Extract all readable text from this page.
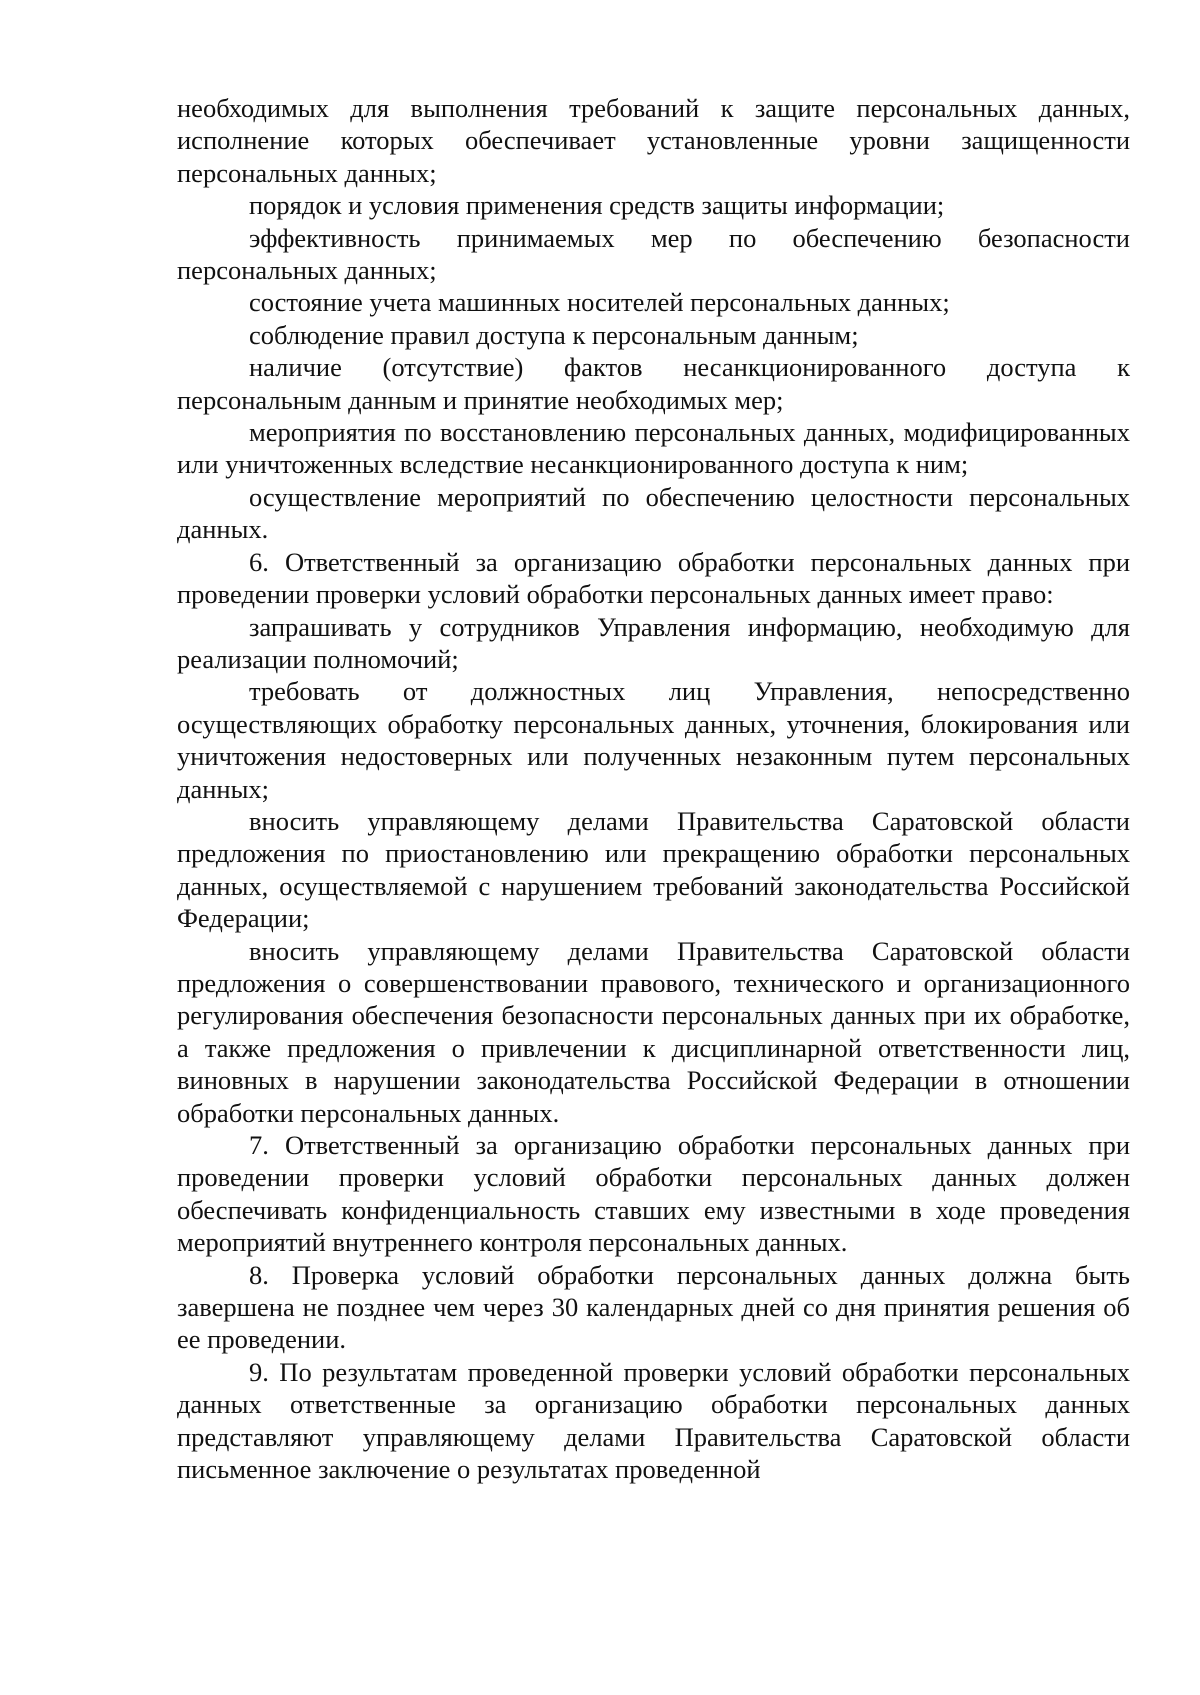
необходимых для выполнения требований к защите персональных данных, исполнение которых обеспечивает установленные уровни защищенности персональных данных;

порядок и условия применения средств защиты информации;

эффективность принимаемых мер по обеспечению безопасности персональных данных;

состояние учета машинных носителей персональных данных;

соблюдение правил доступа к персональным данным;

наличие (отсутствие) фактов несанкционированного доступа к персональным данным и принятие необходимых мер;

мероприятия по восстановлению персональных данных, модифицированных или уничтоженных вследствие несанкционированного доступа к ним;

осуществление мероприятий по обеспечению целостности персональных данных.

6. Ответственный за организацию обработки персональных данных при проведении проверки условий обработки персональных данных имеет право:

запрашивать у сотрудников Управления информацию, необходимую для реализации полномочий;

требовать от должностных лиц Управления, непосредственно осуществляющих обработку персональных данных, уточнения, блокирования или уничтожения недостоверных или полученных незаконным путем персональных данных;

вносить управляющему делами Правительства Саратовской области предложения по приостановлению или прекращению обработки персональных данных, осуществляемой с нарушением требований законодательства Российской Федерации;

вносить управляющему делами Правительства Саратовской области предложения о совершенствовании правового, технического и организационного регулирования обеспечения безопасности персональных данных при их обработке, а также предложения о привлечении к дисциплинарной ответственности лиц, виновных в нарушении законодательства Российской Федерации в отношении обработки персональных данных.

7. Ответственный за организацию обработки персональных данных при проведении проверки условий обработки персональных данных должен обеспечивать конфиденциальность ставших ему известными в ходе проведения мероприятий внутреннего контроля персональных данных.

8. Проверка условий обработки персональных данных должна быть завершена не позднее чем через 30 календарных дней со дня принятия решения об ее проведении.

9. По результатам проведенной проверки условий обработки персональных данных ответственные за организацию обработки персональных данных представляют управляющему делами Правительства Саратовской области письменное заключение о результатах проведенной
